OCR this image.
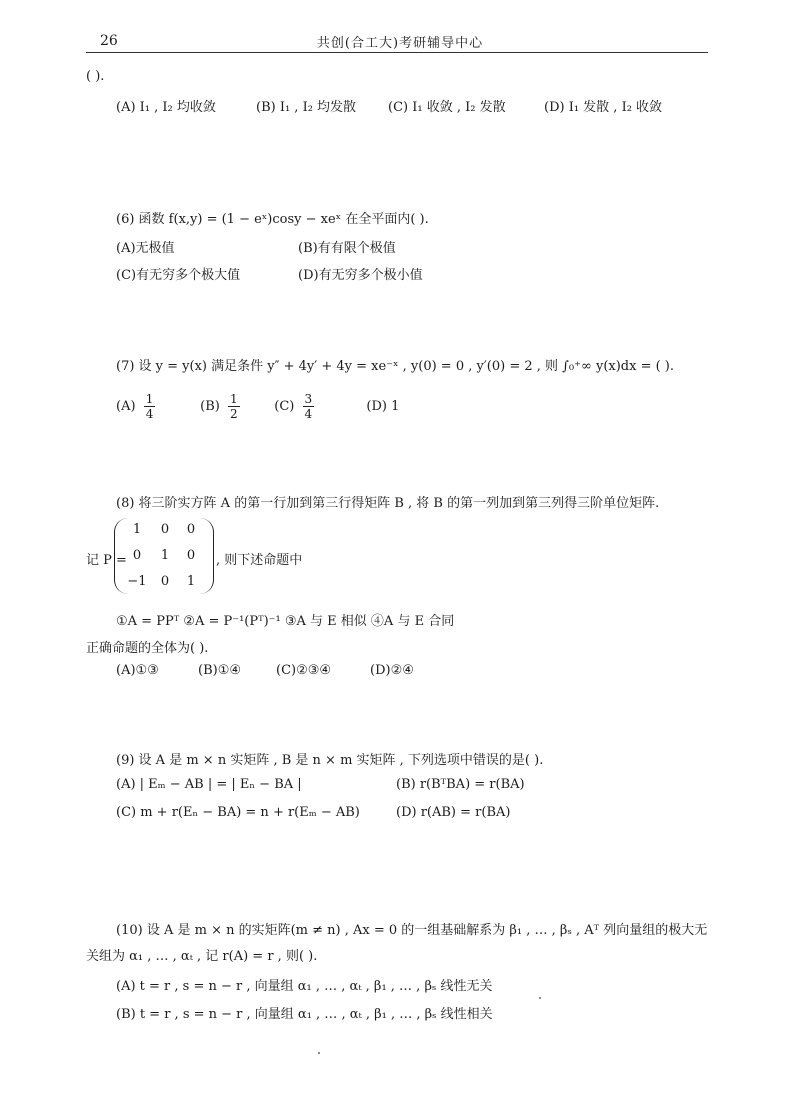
26	共创(合工大)考研辅导中心
( ).
(A) I₁ , I₂ 均收敛	(B) I₁ , I₂ 均发散 (C) I₁ 收敛 , I₂ 发散	(D) I₁ 发散 , I₂ 收敛
(6) 函数 f(x,y) = (1 − eˣ)cosy − xeˣ 在全平面内( ).
(A)无极值	(B)有有限个极值
(C)有无穷多个极大值	(D)有无穷多个极小值
(7) 设 y = y(x) 满足条件 y″ + 4y′ + 4y = xe⁻ˣ , y(0) = 0 , y′(0) = 2 , 则 ∫₀⁺∞ y(x)dx = ( ).
$(A) \frac{1}{4}$	$(B) \frac{1}{2}$	$(C) \frac{3}{4}$	(D) 1
(8) 将三阶实方阵 A 的第一行加到第三行得矩阵 B , 将 B 的第一列加到第三列得三阶单位矩阵.
记 P =
1	0	0
0	1	0
−1	0	1
, 则下述命题中
①A = PPᵀ ②A = P⁻¹(Pᵀ)⁻¹ ③A 与 E 相似 ④A 与 E 合同
正确命题的全体为( ).
(A)①③	(B)①④	(C)②③④	(D)②④
(9) 设 A 是 m × n 实矩阵 , B 是 n × m 实矩阵 , 下列选项中错误的是( ).
(A) | Eₘ − AB | = | Eₙ − BA |	(B) r(BᵀBA) = r(BA)
(C) m + r(Eₙ − BA) = n + r(Eₘ − AB)	(D) r(AB) = r(BA)
(10) 设 A 是 m × n 的实矩阵(m ≠ n) , Ax = 0 的一组基础解系为 β₁ , … , βₛ , Aᵀ 列向量组的极大无
关组为 α₁ , … , αₜ , 记 r(A) = r , 则( ).
(A) t = r , s = n − r , 向量组 α₁ , … , αₜ , β₁ , … , βₛ 线性无关
(B) t = r , s = n − r , 向量组 α₁ , … , αₜ , β₁ , … , βₛ 线性相关
